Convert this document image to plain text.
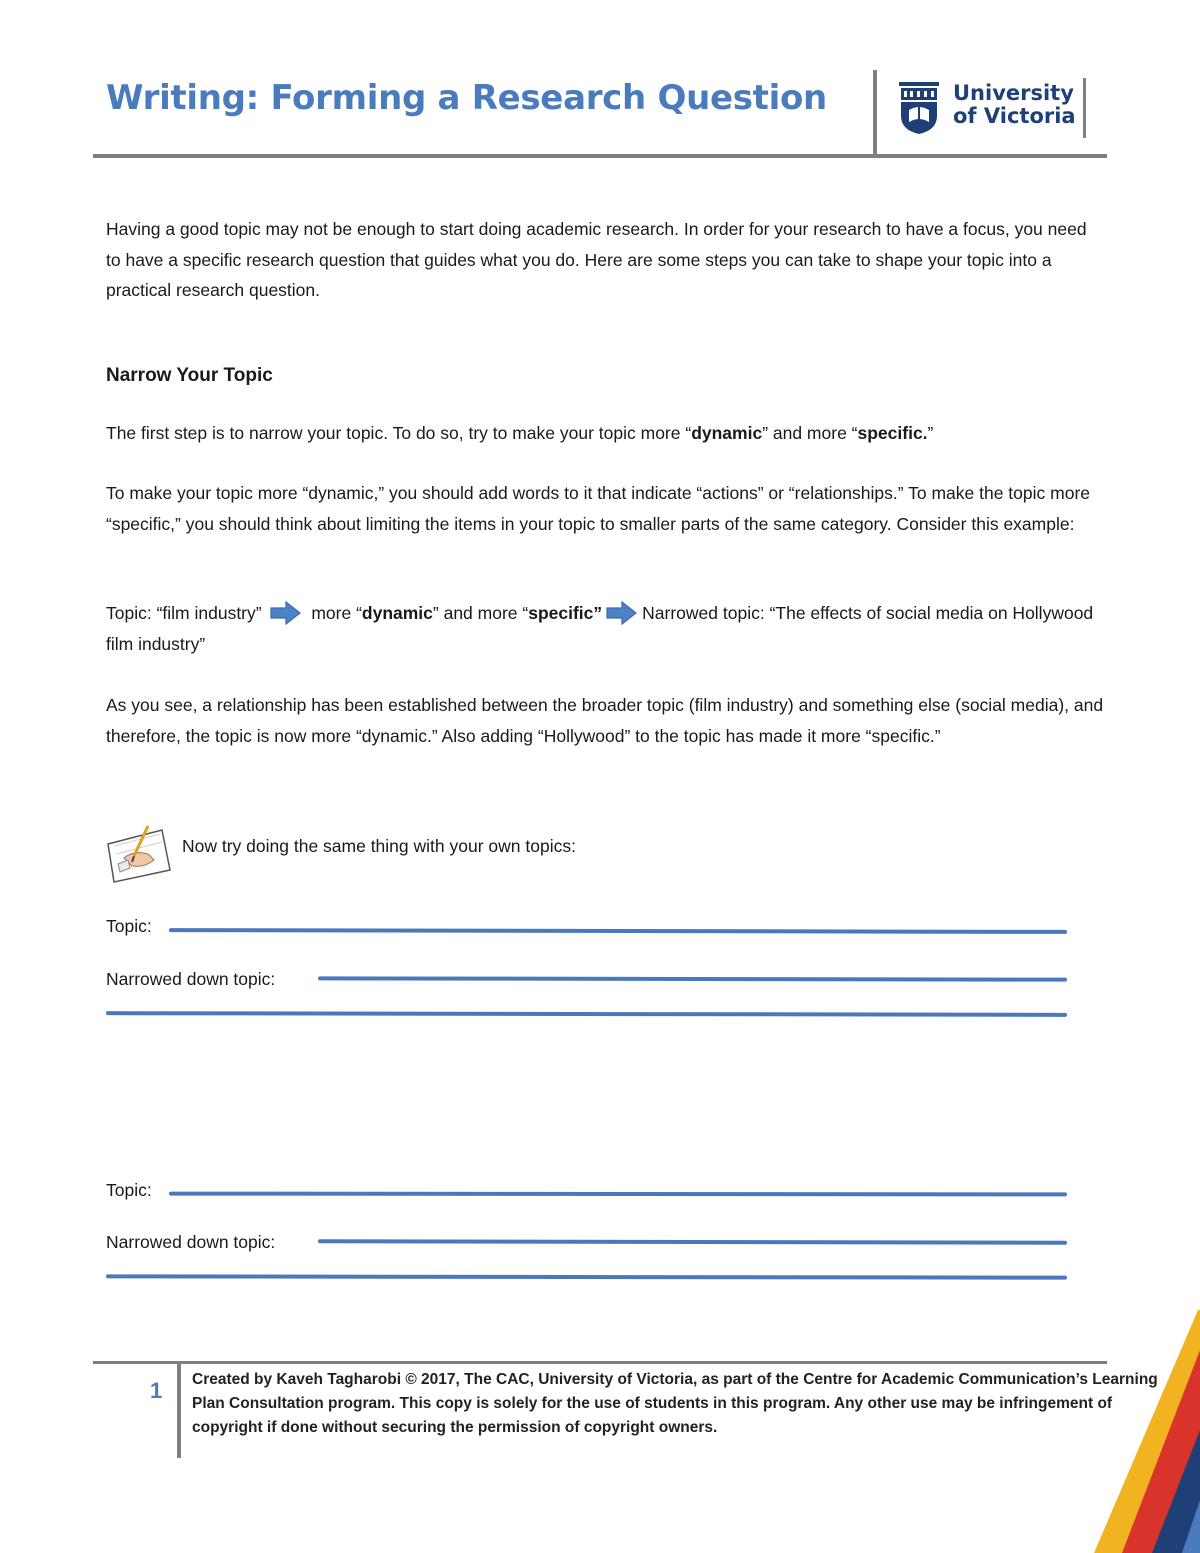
Writing: Forming a Research Question	University
of Victoria
Having a good topic may not be enough to start doing academic research. In order for your research to have a focus, you need to have a specific research question that guides what you do. Here are some steps you can take to shape your topic into a practical research question.
Narrow Your Topic
The first step is to narrow your topic. To do so, try to make your topic more “dynamic” and more “specific.”
To make your topic more “dynamic,” you should add words to it that indicate “actions” or “relationships.” To make the topic more “specific,” you should think about limiting the items in your topic to smaller parts of the same category. Consider this example:
Topic: “film industry”	more “dynamic” and more “specific” Narrowed topic: “The effects of social media on Hollywood film industry”
As you see, a relationship has been established between the broader topic (film industry) and something else (social media), and therefore, the topic is now more “dynamic.” Also adding “Hollywood” to the topic has made it more “specific.”
Now try doing the same thing with your own topics:
Topic:
Narrowed down topic:
Topic:
Narrowed down topic:
1 Created by Kaveh Tagharobi © 2017, The CAC, University of Victoria, as part of the Centre for Academic Communication’s Learning Plan Consultation program. This copy is solely for the use of students in this program. Any other use may be infringement of copyright if done without securing the permission of copyright owners.
